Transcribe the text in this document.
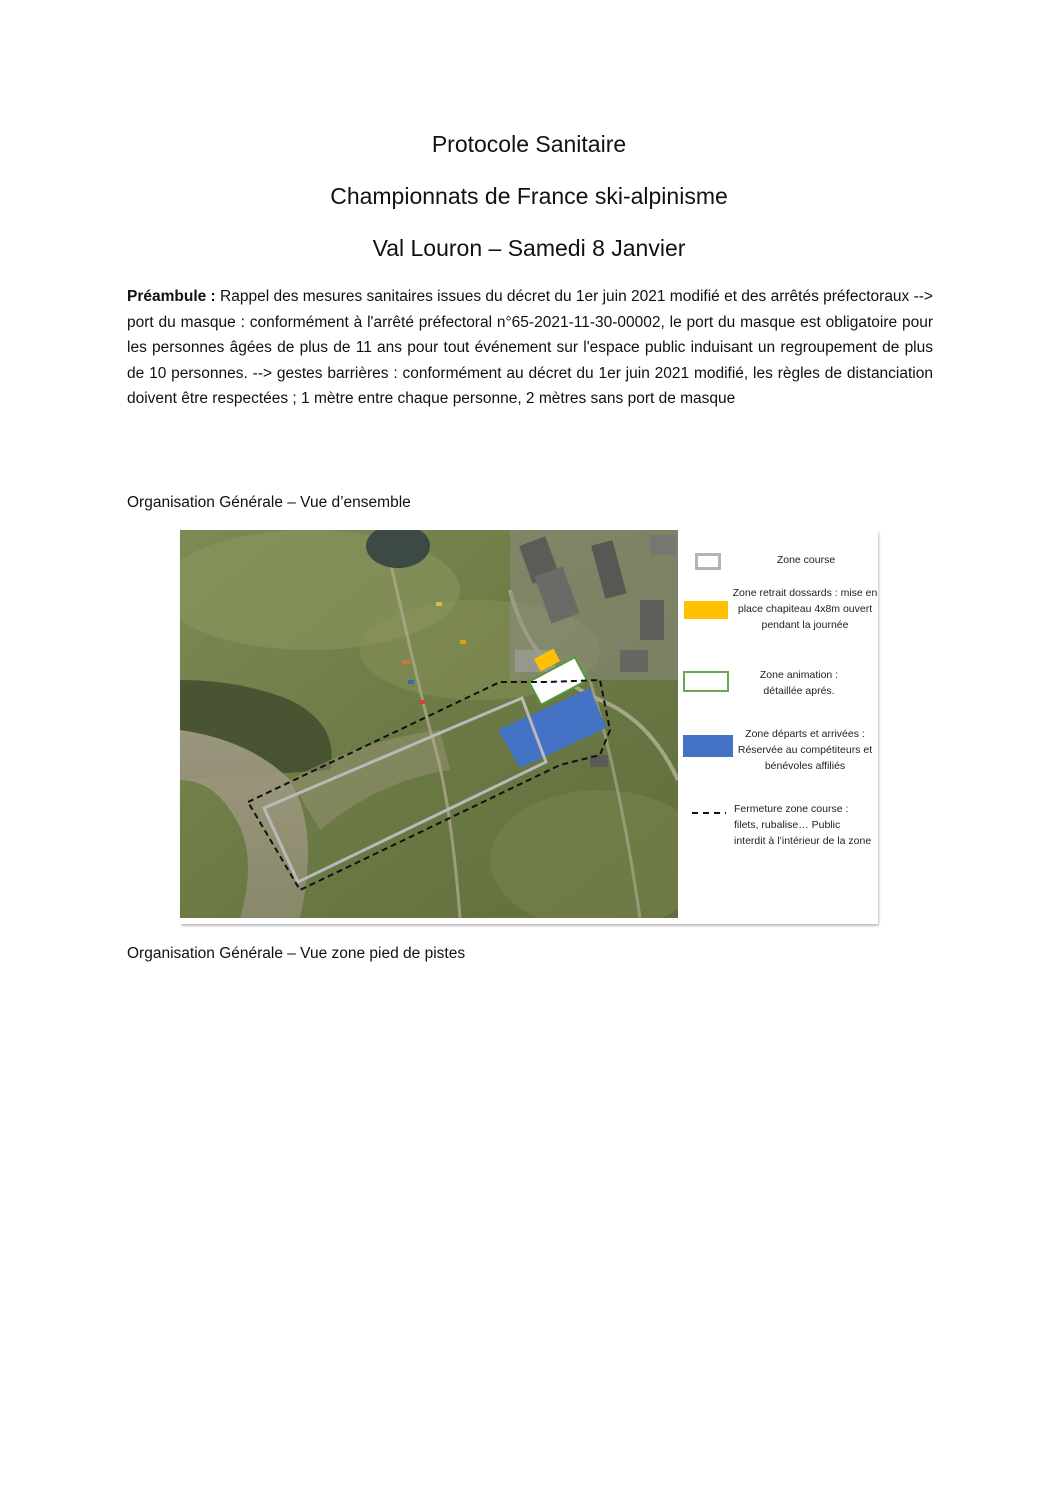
Protocole Sanitaire
Championnats de France ski-alpinisme
Val Louron – Samedi 8 Janvier
Préambule : Rappel des mesures sanitaires issues du décret du 1er juin 2021 modifié et des arrêtés préfectoraux --> port du masque : conformément à l'arrêté préfectoral n°65-2021-11-30-00002, le port du masque est obligatoire pour les personnes âgées de plus de 11 ans pour tout événement sur l'espace public induisant un regroupement de plus de 10 personnes. --> gestes barrières : conformément au décret du 1er juin 2021 modifié, les règles de distanciation doivent être respectées ; 1 mètre entre chaque personne, 2 mètres sans port de masque
Organisation Générale – Vue d’ensemble
Zone course
Zone retrait dossards : mise en place chapiteau 4x8m ouvert pendant la journée
Zone animation : détaillée aprés.
Zone départs et arrivées : Réservée au compétiteurs et bénévoles affiliés
Fermeture zone course : filets, rubalise… Public interdit à l’intérieur de la zone
Organisation Générale – Vue zone pied de pistes
